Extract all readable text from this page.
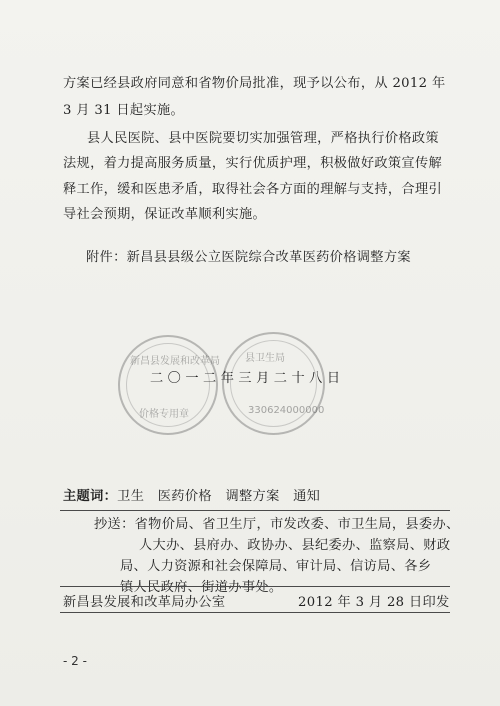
方案已经县政府同意和省物价局批准，现予以公布，从 2012 年
3 月 31 日起实施。
县人民医院、县中医院要切实加强管理，严格执行价格政策
法规，着力提高服务质量，实行优质护理，积极做好政策宣传解
释工作，缓和医患矛盾，取得社会各方面的理解与支持，合理引
导社会预期，保证改革顺利实施。
附件：新昌县县级公立医院综合改革医药价格调整方案
新昌县发展和改革局
价格专用章
县卫生局
330624000000
二〇一二年三月二十八日
主题词：卫生　医药价格　调整方案　通知
抄送：省物价局、省卫生厅，市发改委、市卫生局，县委办、
人大办、县府办、政协办、县纪委办、监察局、财政
局、人力资源和社会保障局、审计局、信访局、各乡
镇人民政府、街道办事处。
新昌县发展和改革局办公室	2012 年 3 月 28 日印发
- 2 -
